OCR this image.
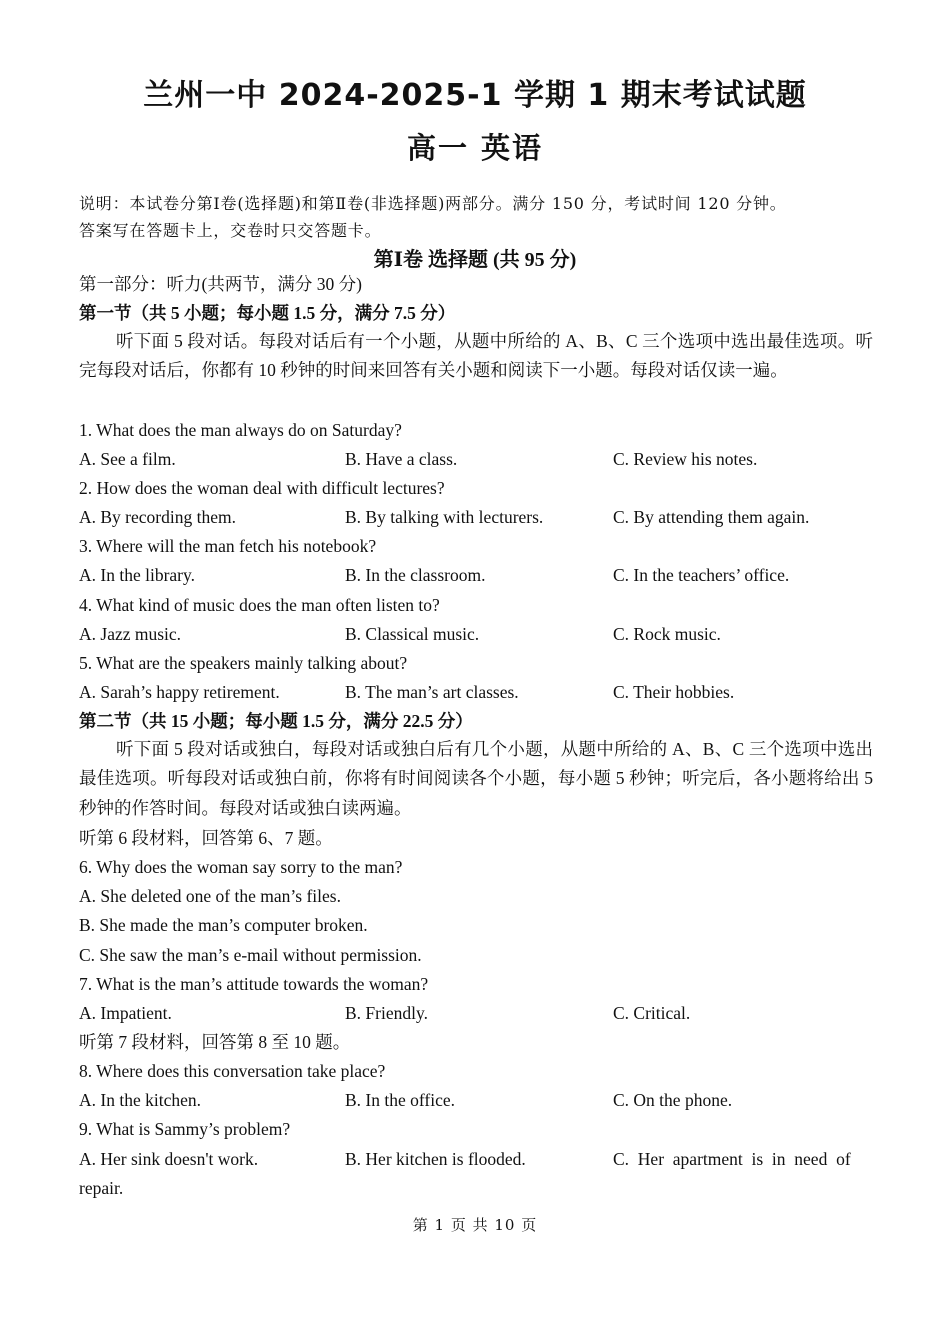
兰州一中 2024-2025-1 学期 1 期末考试试题
高一 英语
说明：本试卷分第Ⅰ卷(选择题)和第Ⅱ卷(非选择题)两部分。满分 150 分，考试时间 120 分钟。
答案写在答题卡上，交卷时只交答题卡。
第Ⅰ卷 选择题 (共 95 分)
第一部分：听力(共两节，满分 30 分)
第一节（共 5 小题；每小题 1.5 分，满分 7.5 分）
听下面 5 段对话。每段对话后有一个小题，从题中所给的 A、B、C 三个选项中选出最佳选项。听完每段对话后，你都有 10 秒钟的时间来回答有关小题和阅读下一小题。每段对话仅读一遍。
1. What does the man always do on Saturday?
A. See a film.	B. Have a class.	C. Review his notes.
2. How does the woman deal with difficult lectures?
A. By recording them.	B. By talking with lecturers.	C. By attending them again.
3. Where will the man fetch his notebook?
A. In the library.	B. In the classroom.	C. In the teachers’ office.
4. What kind of music does the man often listen to?
A. Jazz music.	B. Classical music.	C. Rock music.
5. What are the speakers mainly talking about?
A. Sarah’s happy retirement.	B. The man’s art classes.	C. Their hobbies.
第二节（共 15 小题；每小题 1.5 分，满分 22.5 分）
听下面 5 段对话或独白，每段对话或独白后有几个小题，从题中所给的 A、B、C 三个选项中选出最佳选项。听每段对话或独白前，你将有时间阅读各个小题，每小题 5 秒钟；听完后，各小题将给出 5 秒钟的作答时间。每段对话或独白读两遍。
听第 6 段材料，回答第 6、7 题。
6. Why does the woman say sorry to the man?
A. She deleted one of the man’s files.
B. She made the man’s computer broken.
C. She saw the man’s e-mail without permission.
7. What is the man’s attitude towards the woman?
A. Impatient.	B. Friendly.	C. Critical.
听第 7 段材料，回答第 8 至 10 题。
8. Where does this conversation take place?
A. In the kitchen.	B. In the office.	C. On the phone.
9. What is Sammy’s problem?
A. Her sink doesn't work.	B. Her kitchen is flooded.	C.  Her  apartment  is  in  need  of
repair.
第 1 页 共 10 页
